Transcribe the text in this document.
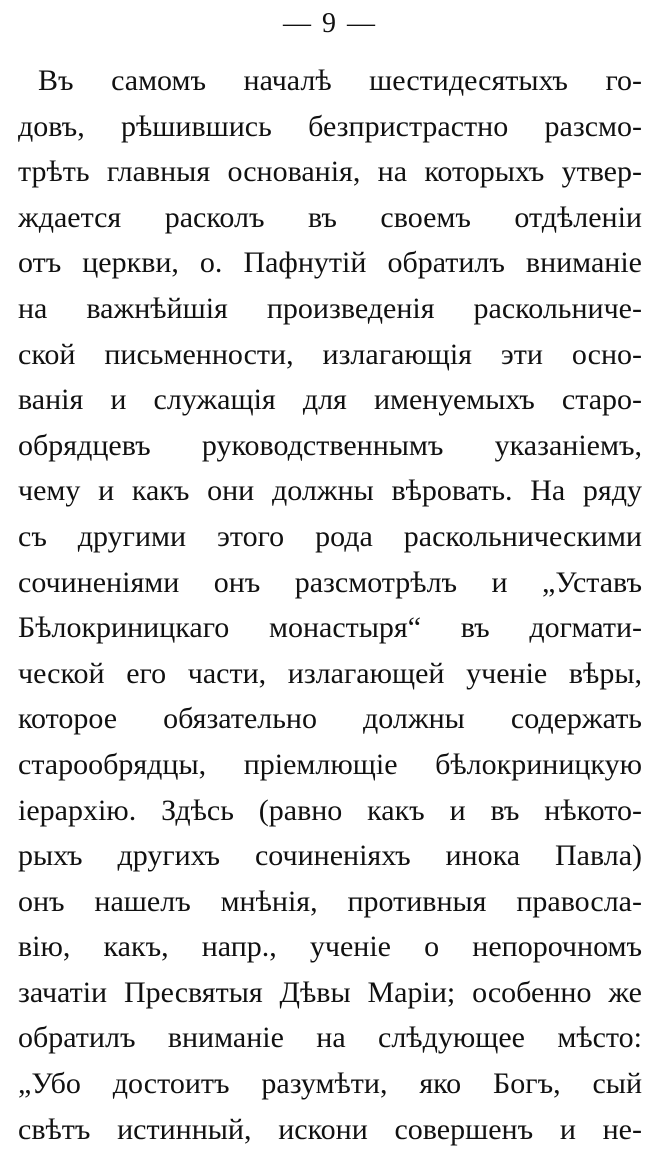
— 9 —
Въ самомъ началѣ шестидесятыхъ го-
довъ, рѣшившись безпристрастно разсмо-
трѣть главныя основанія, на которыхъ утвер-
ждается расколъ въ своемъ отдѣленіи
отъ церкви, о. Пафнутій обратилъ вниманіе
на важнѣйшія произведенія раскольниче-
ской письменности, излагающія эти осно-
ванія и служащія для именуемыхъ старо-
обрядцевъ руководственнымъ указаніемъ,
чему и какъ они должны вѣровать. На ряду
съ другими этого рода раскольническими
сочиненіями онъ разсмотрѣлъ и „Уставъ
Бѣлокриницкаго монастыря“ въ догмати-
ческой его части, излагающей ученіе вѣры,
которое обязательно должны содержать
старообрядцы, пріемлющіе бѣлокриницкую
іерархію. Здѣсь (равно какъ и въ нѣкото-
рыхъ другихъ сочиненіяхъ инока Павла)
онъ нашелъ мнѣнія, противныя правосла-
вію, какъ, напр., ученіе о непорочномъ
зачатіи Пресвятыя Дѣвы Маріи; особенно же
обратилъ вниманіе на слѣдующее мѣсто:
„Убо достоитъ разумѣти, яко Богъ, сый
свѣтъ истинный, искони совершенъ и не-
